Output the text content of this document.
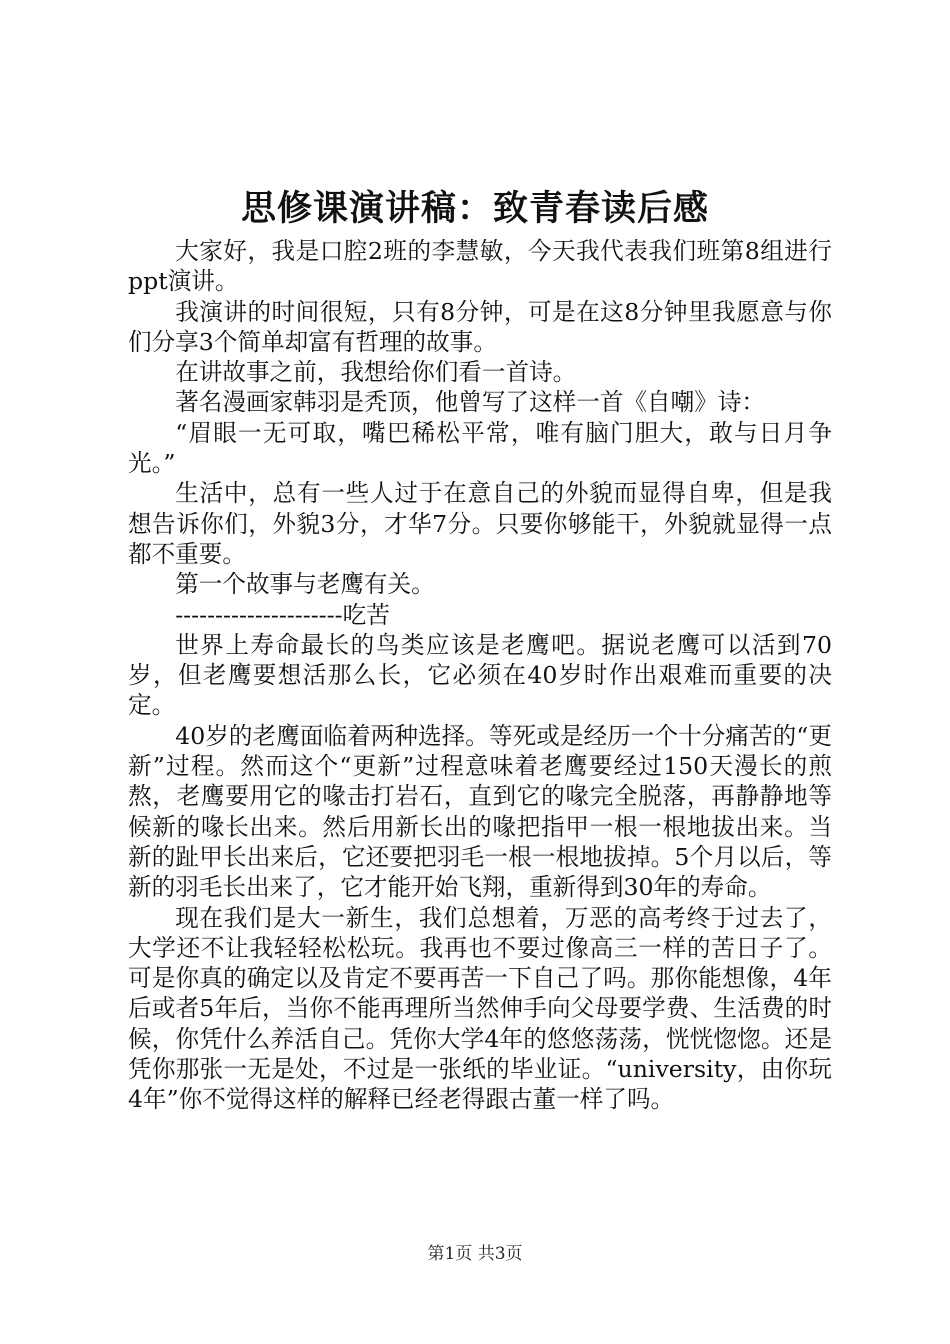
思修课演讲稿：致青春读后感

大家好，我是口腔2班的李慧敏，今天我代表我们班第8组进行ppt演讲。

我演讲的时间很短，只有8分钟，可是在这8分钟里我愿意与你们分享3个简单却富有哲理的故事。

在讲故事之前，我想给你们看一首诗。

著名漫画家韩羽是秃顶，他曾写了这样一首《自嘲》诗：

“眉眼一无可取，嘴巴稀松平常，唯有脑门胆大，敢与日月争光。”

生活中，总有一些人过于在意自己的外貌而显得自卑，但是我想告诉你们，外貌3分，才华7分。只要你够能干，外貌就显得一点都不重要。

第一个故事与老鹰有关。

---------------------吃苦

世界上寿命最长的鸟类应该是老鹰吧。据说老鹰可以活到70岁，但老鹰要想活那么长，它必须在40岁时作出艰难而重要的决定。

40岁的老鹰面临着两种选择。等死或是经历一个十分痛苦的“更新”过程。然而这个“更新”过程意味着老鹰要经过150天漫长的煎熬，老鹰要用它的喙击打岩石，直到它的喙完全脱落，再静静地等候新的喙长出来。然后用新长出的喙把指甲一根一根地拔出来。当新的趾甲长出来后，它还要把羽毛一根一根地拔掉。5个月以后，等新的羽毛长出来了，它才能开始飞翔，重新得到30年的寿命。

现在我们是大一新生，我们总想着，万恶的高考终于过去了，大学还不让我轻轻松松玩。我再也不要过像高三一样的苦日子了。可是你真的确定以及肯定不要再苦一下自己了吗。那你能想像，4年后或者5年后，当你不能再理所当然伸手向父母要学费、生活费的时候，你凭什么养活自己。凭你大学4年的悠悠荡荡，恍恍惚惚。还是凭你那张一无是处，不过是一张纸的毕业证。“university，由你玩4年”你不觉得这样的解释已经老得跟古董一样了吗。

第1页 共3页
